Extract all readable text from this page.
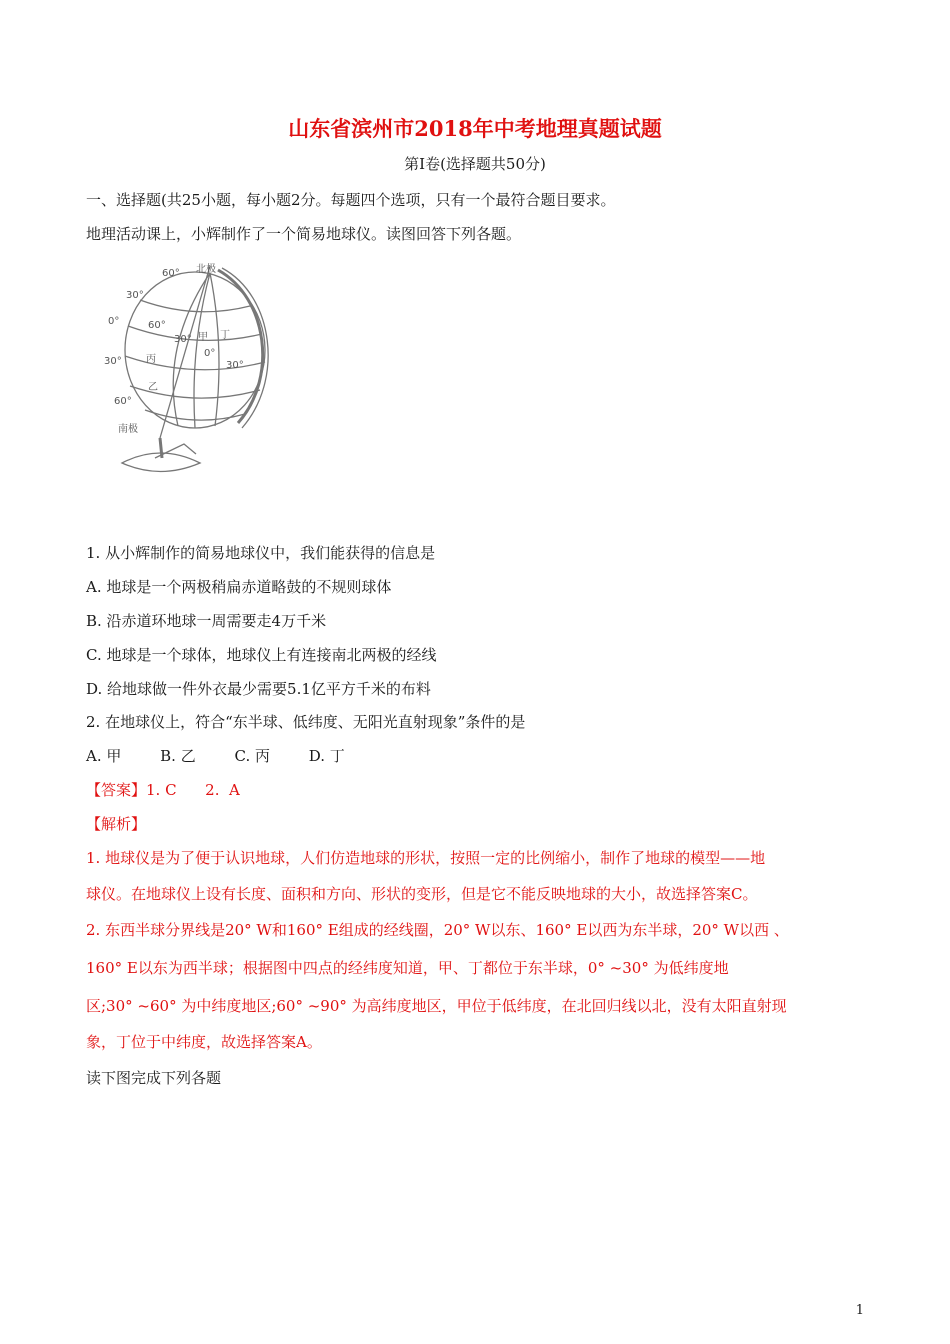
山东省滨州市2018年中考地理真题试题
第Ⅰ卷(选择题共50分)
一、选择题(共25小题，每小题2分。每题四个选项，只有一个最符合题目要求。
地理活动课上，小辉制作了一个简易地球仪。读图回答下列各题。
60° 北极
30°
0°	60°
30° 甲 丁
0°
30° 丙
30°
乙
60°
南极
1. 从小辉制作的简易地球仪中，我们能获得的信息是
A. 地球是一个两极稍扁赤道略鼓的不规则球体
B. 沿赤道环地球一周需要走4万千米
C. 地球是一个球体，地球仪上有连接南北两极的经线
D. 给地球做一件外衣最少需要5.1亿平方千米的布料
2. 在地球仪上，符合“东半球、低纬度、无阳光直射现象”条件的是
A. 甲	B. 乙	C. 丙	D. 丁
【答案】1. C      2.  A
【解析】
1. 地球仪是为了便于认识地球，人们仿造地球的形状，按照一定的比例缩小，制作了地球的模型——地
球仪。在地球仪上设有长度、面积和方向、形状的变形，但是它不能反映地球的大小，故选择答案C。
2. 东西半球分界线是20° W和160° E组成的经线圈，20° W以东、160° E以西为东半球，20° W以西 、
160° E以东为西半球；根据图中四点的经纬度知道，甲、丁都位于东半球，0° ~30° 为低纬度地
区;30° ~60° 为中纬度地区;60° ~90° 为高纬度地区，甲位于低纬度，在北回归线以北，没有太阳直射现
象，丁位于中纬度，故选择答案A。
读下图完成下列各题
1
